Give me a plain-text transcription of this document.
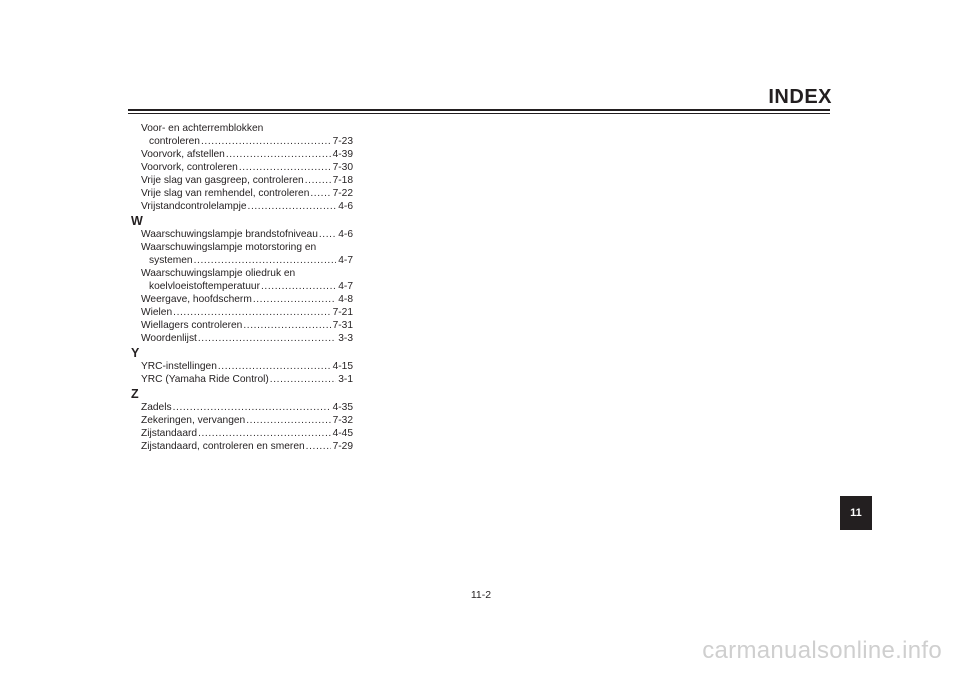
INDEX
Voor- en achterremblokken
controleren .....	7-23
Voorvork, afstellen .....	4-39
Voorvork, controleren .....	7-30
Vrije slag van gasgreep, controleren .....	7-18
Vrije slag van remhendel, controleren ..... 7-22
Vrijstandcontrolelampje .....	4-6
W
Waarschuwingslampje brandstofniveau ..... 4-6
Waarschuwingslampje motorstoring en
systemen .....	4-7
Waarschuwingslampje oliedruk en
koelvloeistoftemperatuur .....	4-7
Weergave, hoofdscherm .....	4-8
Wielen .....	7-21
Wiellagers controleren .....	7-31
Woordenlijst .....	3-3
Y
YRC-instellingen .....	4-15
YRC (Yamaha Ride Control) .....	3-1
Z
Zadels .....	4-35
Zekeringen, vervangen .....	7-32
Zijstandaard .....	4-45
Zijstandaard, controleren en smeren .....	7-29
11
11-2
carmanualsonline.info
